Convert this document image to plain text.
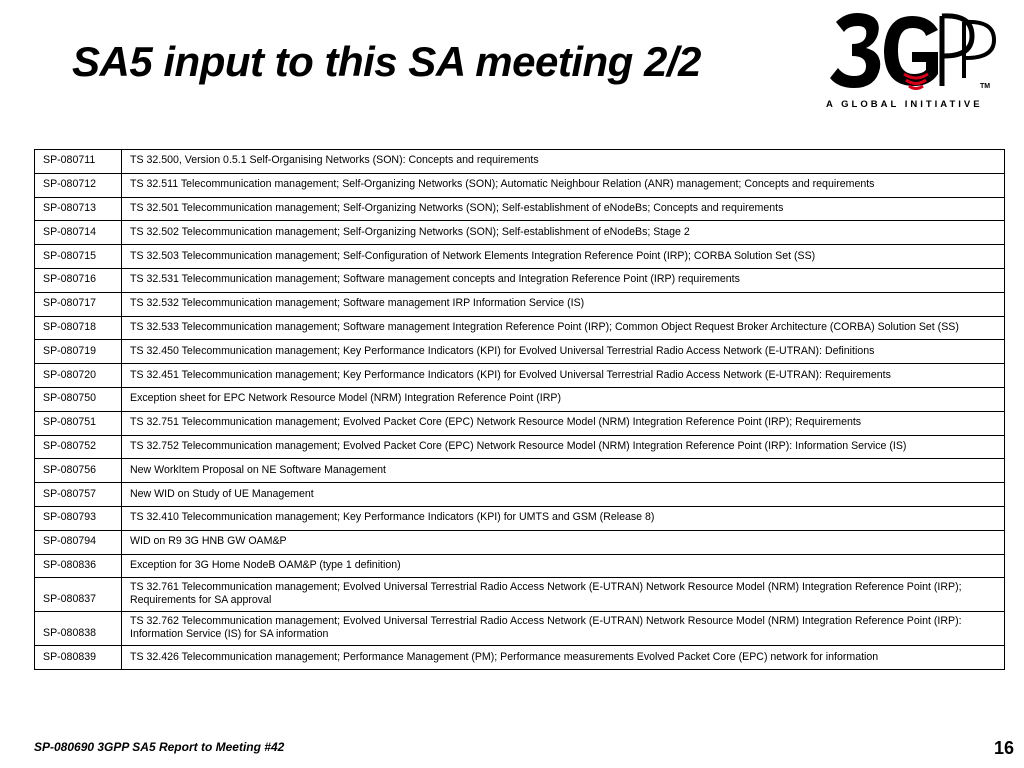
SA5 input to this SA meeting 2/2
TM
A GLOBAL INITIATIVE
SP-080711	TS 32.500, Version 0.5.1 Self-Organising Networks (SON): Concepts and requirements
SP-080712	TS 32.511 Telecommunication management; Self-Organizing Networks (SON); Automatic Neighbour Relation (ANR) management; Concepts and requirements
SP-080713	TS 32.501 Telecommunication management; Self-Organizing Networks (SON); Self-establishment of eNodeBs; Concepts and requirements
SP-080714	TS 32.502 Telecommunication management; Self-Organizing Networks (SON); Self-establishment of eNodeBs; Stage 2
SP-080715	TS 32.503 Telecommunication management; Self-Configuration of Network Elements Integration Reference Point (IRP); CORBA Solution Set (SS)
SP-080716	TS 32.531 Telecommunication management; Software management concepts and Integration Reference Point (IRP) requirements
SP-080717	TS 32.532 Telecommunication management; Software management IRP Information Service (IS)
SP-080718	TS 32.533 Telecommunication management; Software management Integration Reference Point (IRP); Common Object Request Broker Architecture (CORBA) Solution Set (SS)
SP-080719	TS 32.450 Telecommunication management; Key Performance Indicators (KPI) for Evolved Universal Terrestrial Radio Access Network (E-UTRAN): Definitions
SP-080720	TS 32.451 Telecommunication management; Key Performance Indicators (KPI) for Evolved Universal Terrestrial Radio Access Network (E-UTRAN): Requirements
SP-080750	Exception sheet for EPC Network Resource Model (NRM) Integration Reference Point (IRP)
SP-080751	TS 32.751 Telecommunication management; Evolved Packet Core (EPC) Network Resource Model (NRM) Integration Reference Point (IRP); Requirements
SP-080752	TS 32.752 Telecommunication management; Evolved Packet Core (EPC) Network Resource Model (NRM) Integration Reference Point (IRP): Information Service (IS)
SP-080756	New WorkItem Proposal on NE Software Management
SP-080757	New WID on Study of UE Management
SP-080793	TS 32.410 Telecommunication management; Key Performance Indicators (KPI) for UMTS and GSM (Release 8)
SP-080794	WID on R9 3G HNB GW OAM&P
SP-080836	Exception for 3G Home NodeB OAM&P (type 1 definition)
SP-080837	TS 32.761 Telecommunication management; Evolved Universal Terrestrial Radio Access Network (E-UTRAN) Network Resource Model (NRM) Integration Reference Point (IRP); Requirements for SA approval
SP-080838	TS 32.762 Telecommunication management; Evolved Universal Terrestrial Radio Access Network (E-UTRAN) Network Resource Model (NRM) Integration Reference Point (IRP): Information Service (IS) for SA information
SP-080839	TS 32.426 Telecommunication management; Performance Management (PM); Performance measurements Evolved Packet Core (EPC) network for information
SP-080690 3GPP SA5 Report to Meeting #42	16
